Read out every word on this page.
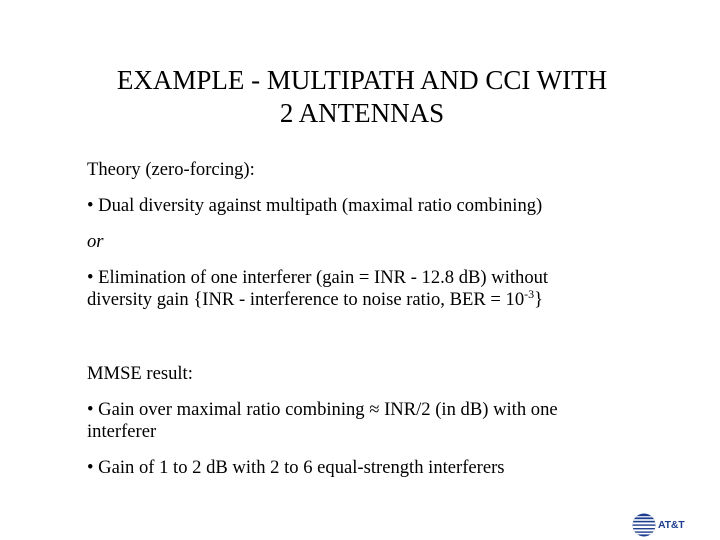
EXAMPLE - MULTIPATH AND CCI WITH
2 ANTENNAS

Theory (zero-forcing):

• Dual diversity against multipath (maximal ratio combining)

or

• Elimination of one interferer (gain = INR - 12.8 dB) without

diversity gain {INR - interference to noise ratio, BER = $10^{-3}$}

MMSE result:

• Gain over maximal ratio combining ≈ INR/2 (in dB) with one

interferer

• Gain of 1 to 2 dB with 2 to 6 equal-strength interferers

AT&T
